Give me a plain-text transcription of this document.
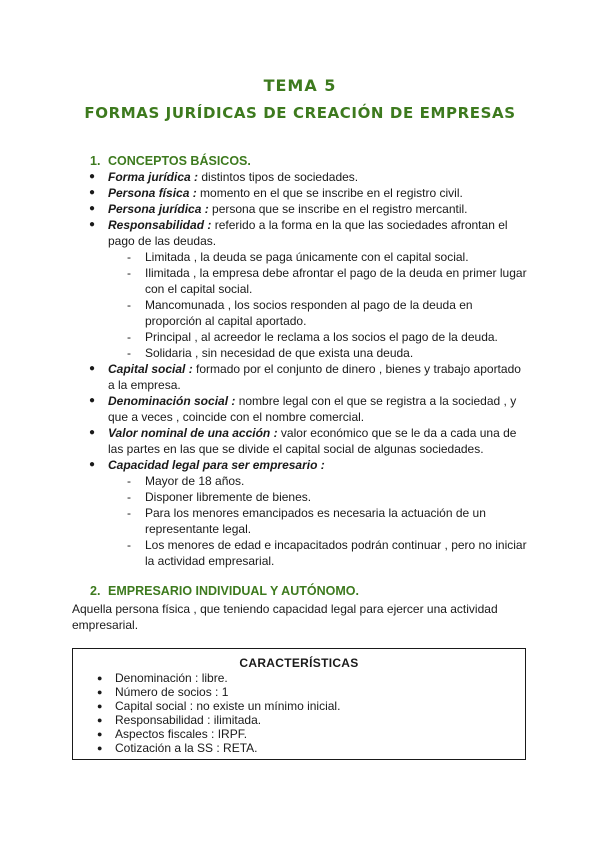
TEMA 5
FORMAS JURÍDICAS DE CREACIÓN DE EMPRESAS
1. CONCEPTOS BÁSICOS.
● Forma jurídica : distintos tipos de sociedades.
● Persona física : momento en el que se inscribe en el registro civil.
● Persona jurídica : persona que se inscribe en el registro mercantil.
● Responsabilidad : referido a la forma en la que las sociedades afrontan el pago de las deudas.
- Limitada , la deuda se paga únicamente con el capital social.
- Ilimitada , la empresa debe afrontar el pago de la deuda en primer lugar con el capital social.
- Mancomunada , los socios responden al pago de la deuda en proporción al capital aportado.
- Principal , al acreedor le reclama a los socios el pago de la deuda.
- Solidaria , sin necesidad de que exista una deuda.
● Capital social : formado por el conjunto de dinero , bienes y trabajo aportado a la empresa.
● Denominación social : nombre legal con el que se registra a la sociedad , y que a veces , coincide con el nombre comercial.
● Valor nominal de una acción : valor económico que se le da a cada una de las partes en las que se divide el capital social de algunas sociedades.
● Capacidad legal para ser empresario :
- Mayor de 18 años.
- Disponer libremente de bienes.
- Para los menores emancipados es necesaria la actuación de un representante legal.
- Los menores de edad e incapacitados podrán continuar , pero no iniciar la actividad empresarial.
2. EMPRESARIO INDIVIDUAL Y AUTÓNOMO.
Aquella persona física , que teniendo capacidad legal para ejercer una actividad empresarial.
CARACTERÍSTICAS
● Denominación : libre.
● Número de socios : 1
● Capital social : no existe un mínimo inicial.
● Responsabilidad : ilimitada.
● Aspectos fiscales : IRPF.
● Cotización a la SS : RETA.
